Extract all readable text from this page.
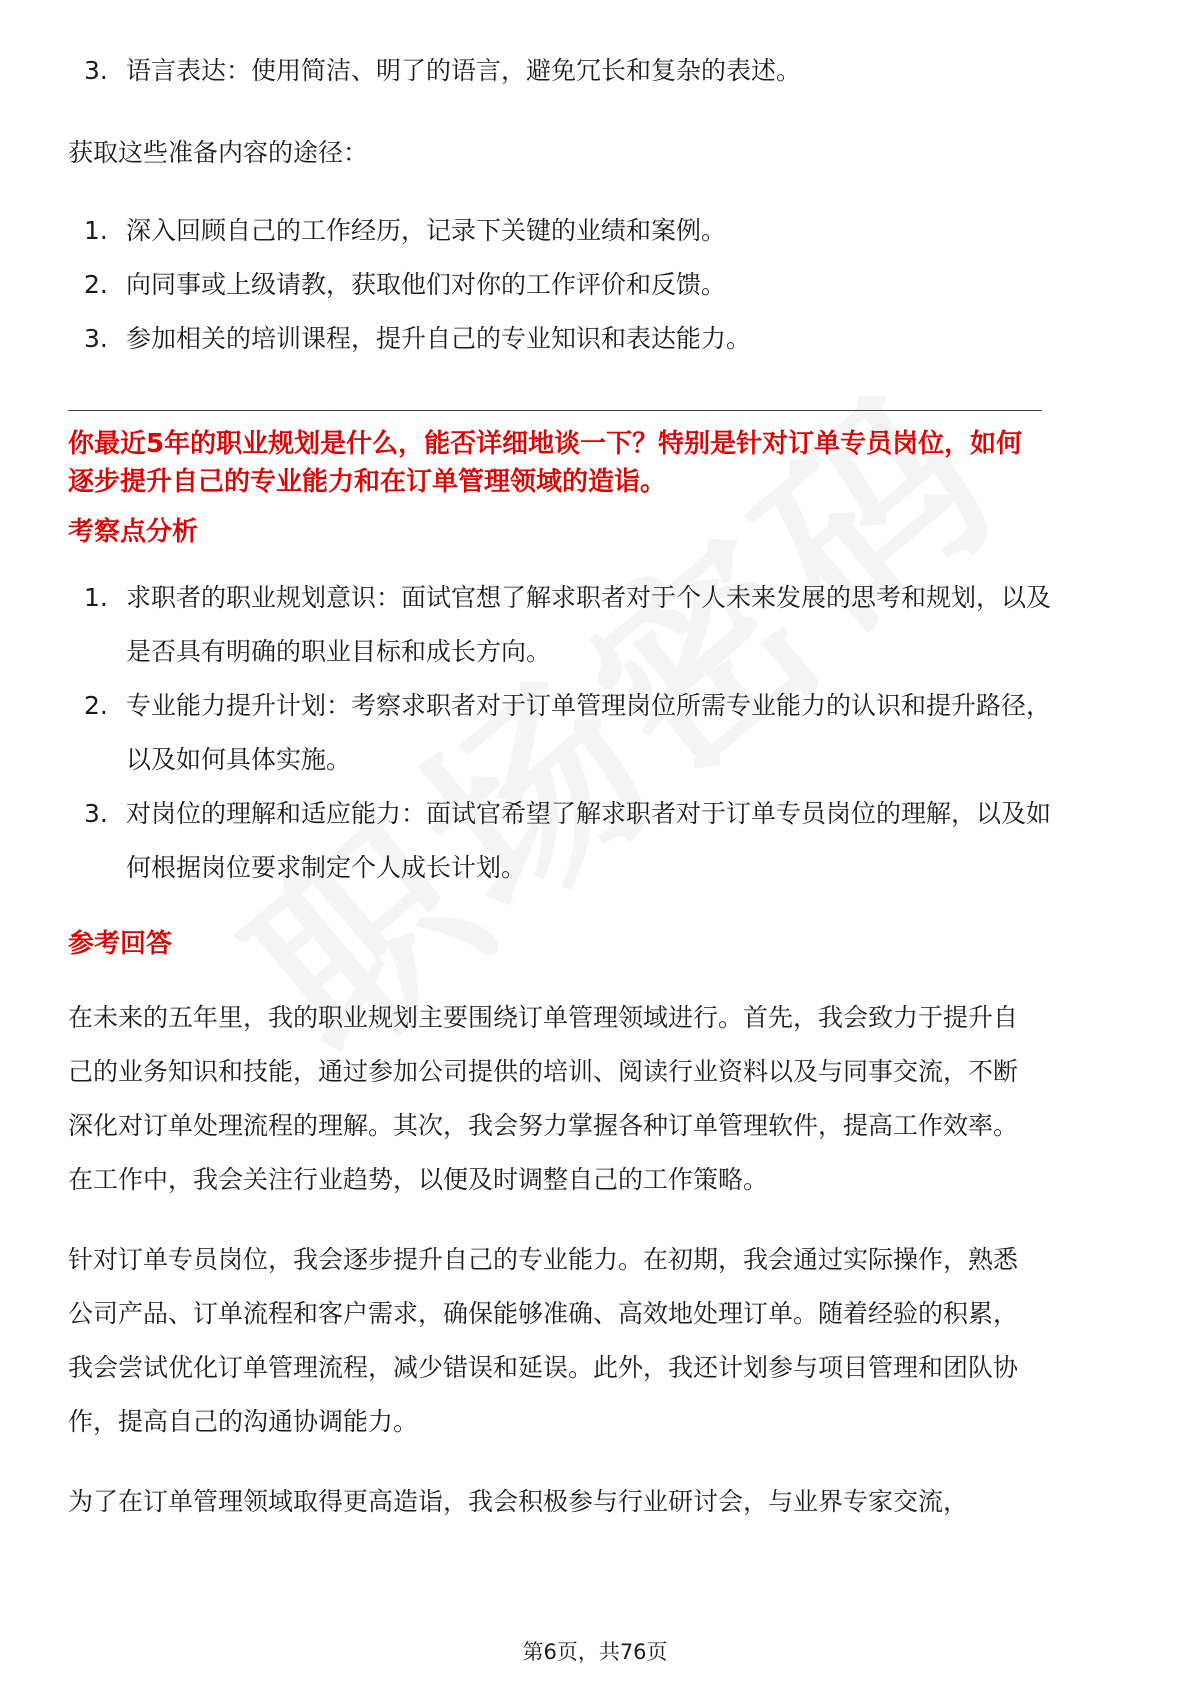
3. 语言表达：使用简洁、明了的语言，避免冗长和复杂的表述。

获取这些准备内容的途径：

1. 深入回顾自己的工作经历，记录下关键的业绩和案例。
2. 向同事或上级请教，获取他们对你的工作评价和反馈。
3. 参加相关的培训课程，提升自己的专业知识和表达能力。

你最近5年的职业规划是什么，能否详细地谈一下？特别是针对订单专员岗位，如何逐步提升自己的专业能力和在订单管理领域的造诣。

考察点分析

1. 求职者的职业规划意识：面试官想了解求职者对于个人未来发展的思考和规划，以及是否具有明确的职业目标和成长方向。
2. 专业能力提升计划：考察求职者对于订单管理岗位所需专业能力的认识和提升路径，以及如何具体实施。
3. 对岗位的理解和适应能力：面试官希望了解求职者对于订单专员岗位的理解，以及如何根据岗位要求制定个人成长计划。

参考回答

在未来的五年里，我的职业规划主要围绕订单管理领域进行。首先，我会致力于提升自己的业务知识和技能，通过参加公司提供的培训、阅读行业资料以及与同事交流，不断深化对订单处理流程的理解。其次，我会努力掌握各种订单管理软件，提高工作效率。在工作中，我会关注行业趋势，以便及时调整自己的工作策略。

针对订单专员岗位，我会逐步提升自己的专业能力。在初期，我会通过实际操作，熟悉公司产品、订单流程和客户需求，确保能够准确、高效地处理订单。随着经验的积累，我会尝试优化订单管理流程，减少错误和延误。此外，我还计划参与项目管理和团队协作，提高自己的沟通协调能力。

为了在订单管理领域取得更高造诣，我会积极参与行业研讨会，与业界专家交流，

第6页，共76页
